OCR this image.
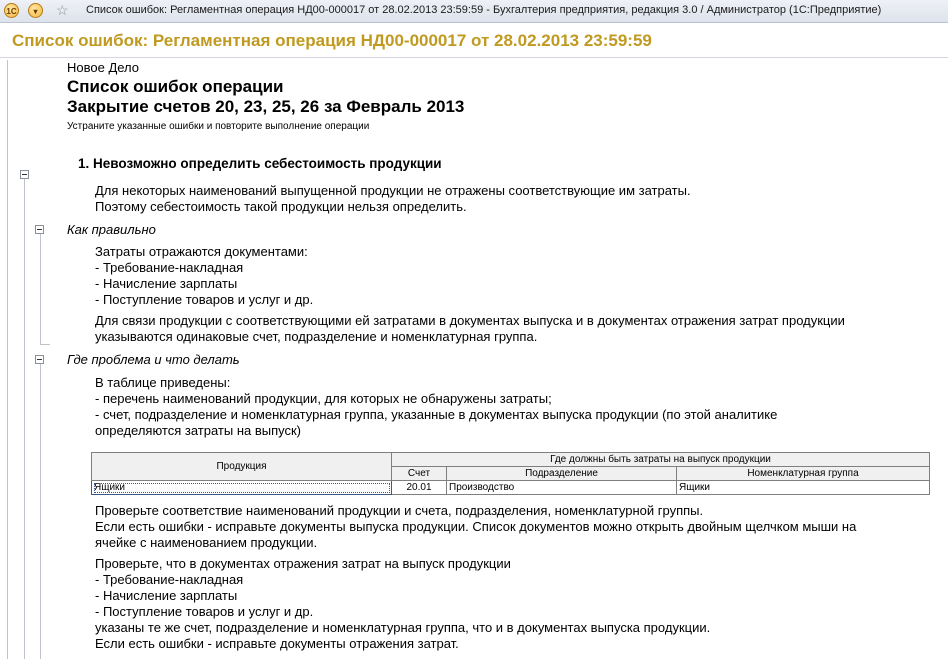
1C	▾	☆ Список ошибок: Регламентная операция НД00-000017 от 28.02.2013 23:59:59 - Бухгалтерия предприятия, редакция 3.0 / Администратор (1С:Предприятие)
Список ошибок: Регламентная операция НД00-000017 от 28.02.2013 23:59:59
Новое Дело
Список ошибок операции
Закрытие счетов 20, 23, 25, 26 за Февраль 2013
Устраните указанные ошибки и повторите выполнение операции
1. Невозможно определить себестоимость продукции
Для некоторых наименований выпущенной продукции не отражены соответствующие им затраты.
Поэтому себестоимость такой продукции нельзя определить.
Как правильно
Затраты отражаются документами:
- Требование-накладная
- Начисление зарплаты
- Поступление товаров и услуг и др.
Для связи продукции с соответствующими ей затратами в документах выпуска и в документах отражения затрат продукции
указываются одинаковые счет, подразделение и номенклатурная группа.
Где проблема и что делать
В таблице приведены:
- перечень наименований продукции, для которых не обнаружены затраты;
- счет, подразделение и номенклатурная группа, указанные в документах выпуска продукции (по этой аналитике
определяются затраты на выпуск)
Продукция	Где должны быть затраты на выпуск продукции		
	Счет	Подразделение	Номенклатурная группа
Ящики	20.01	Производство	Ящики
Проверьте соответствие наименований продукции и счета, подразделения, номенклатурной группы.
Если есть ошибки - исправьте документы выпуска продукции. Список документов можно открыть двойным щелчком мыши на
ячейке с наименованием продукции.
Проверьте, что в документах отражения затрат на выпуск продукции
- Требование-накладная
- Начисление зарплаты
- Поступление товаров и услуг и др.
указаны те же счет, подразделение и номенклатурная группа, что и в документах выпуска продукции.
Если есть ошибки - исправьте документы отражения затрат.
